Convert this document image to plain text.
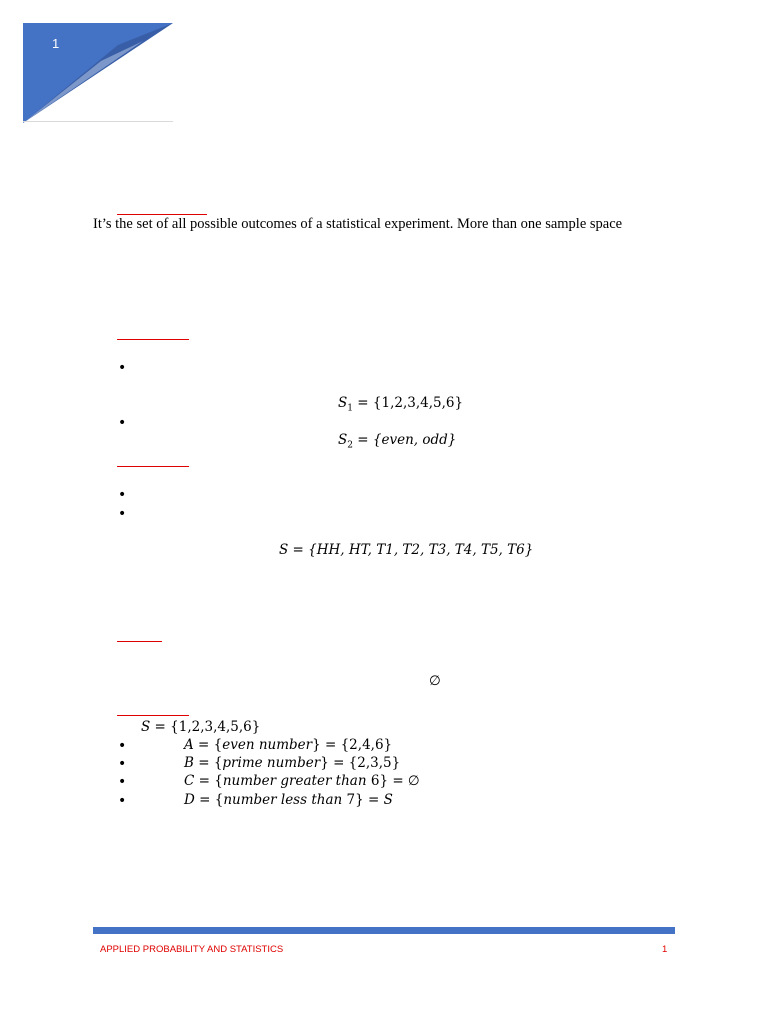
1
It’s the set of all possible outcomes of a statistical experiment. More than one sample space
•
$S_1 = \{1,2,3,4,5,6\}$
•
$S_2$ = {even, odd}
•
•
S = {HH, HT, T1, T2, T3, T4, T5, T6}
∅
S = {1,2,3,4,5,6}
•	A = {even number} = {2,4,6}
•	B = {prime number} = {2,3,5}
•	C = {number greater than 6} = ∅
•	D = {number less than 7} = S
APPLIED PROBABILITY AND STATISTICS	1
